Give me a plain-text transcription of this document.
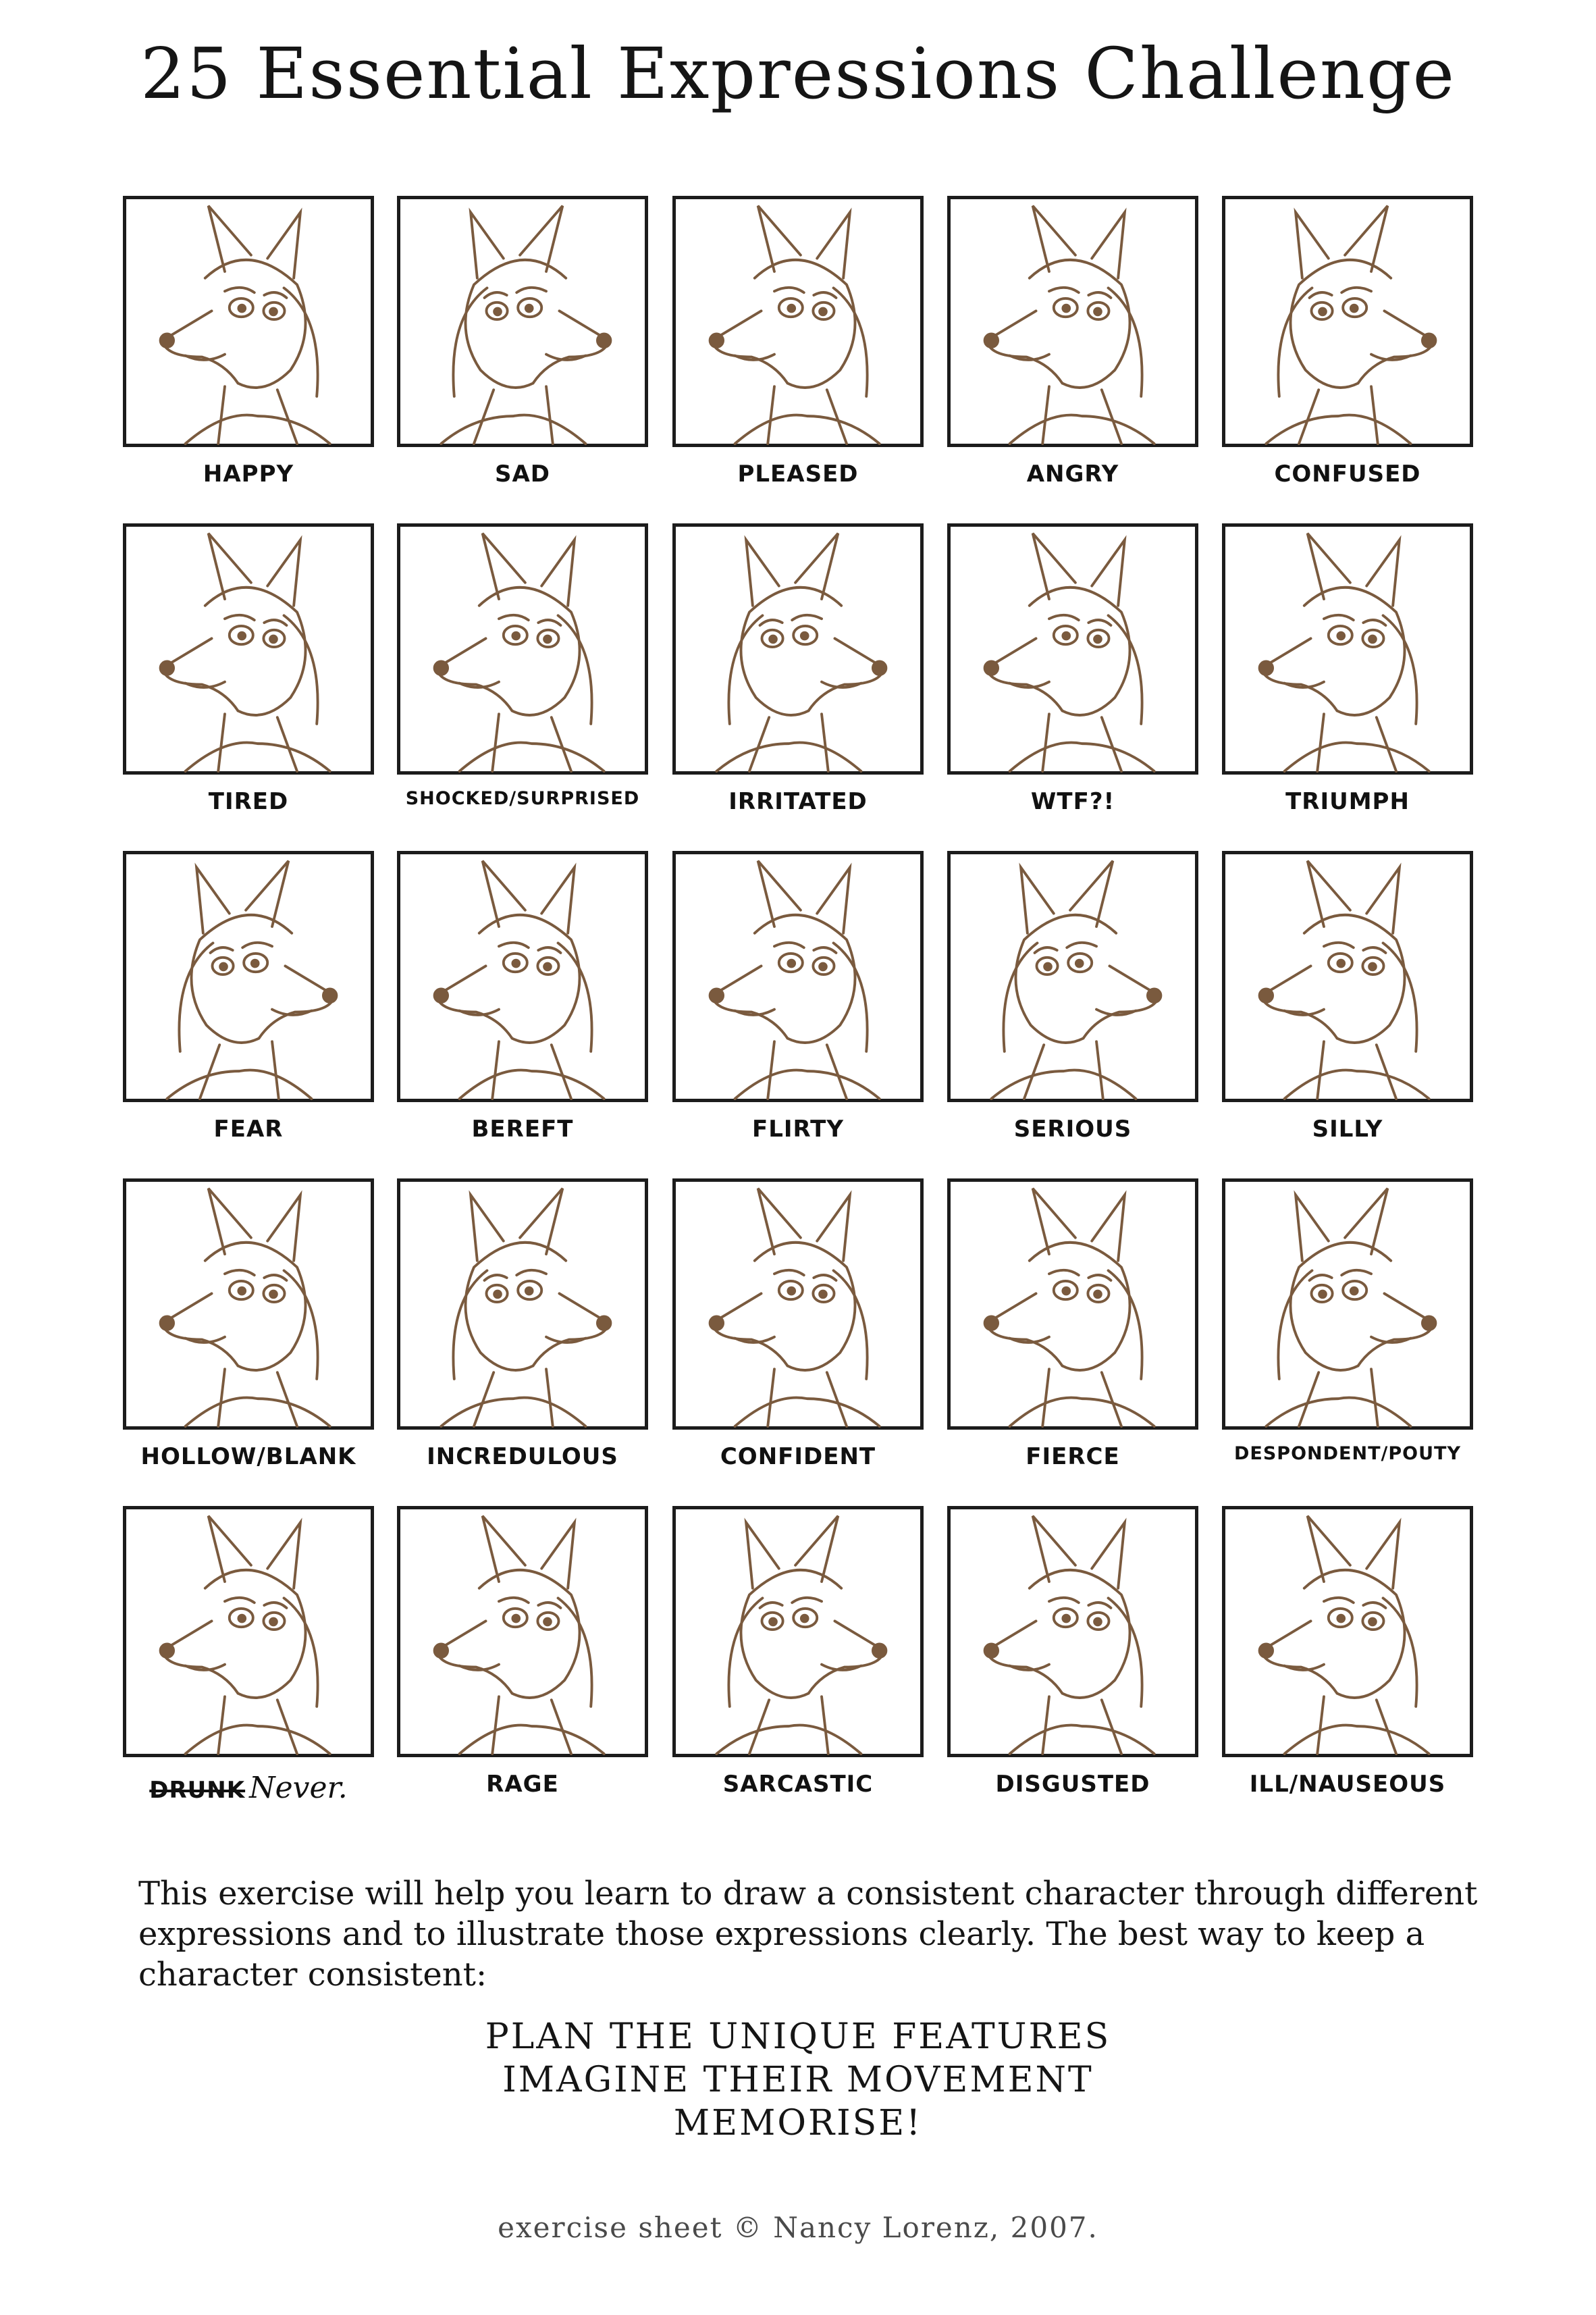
25 Essential Expressions Challenge
HAPPY	SAD	PLEASED	ANGRY	CONFUSED
TIRED	SHOCKED/SURPRISED	IRRITATED	WTF?!	TRIUMPH
FEAR	BEREFT	FLIRTY	SERIOUS	SILLY
HOLLOW/BLANK	INCREDULOUS	CONFIDENT	FIERCE	DESPONDENT/POUTY
DRUNK Never.	RAGE	SARCASTIC	DISGUSTED	ILL/NAUSEOUS
This exercise will help you learn to draw a consistent character through different expressions and to illustrate those expressions clearly. The best way to keep a character consistent:
PLAN THE UNIQUE FEATURES
IMAGINE THEIR MOVEMENT
MEMORISE!
exercise sheet © Nancy Lorenz, 2007.
